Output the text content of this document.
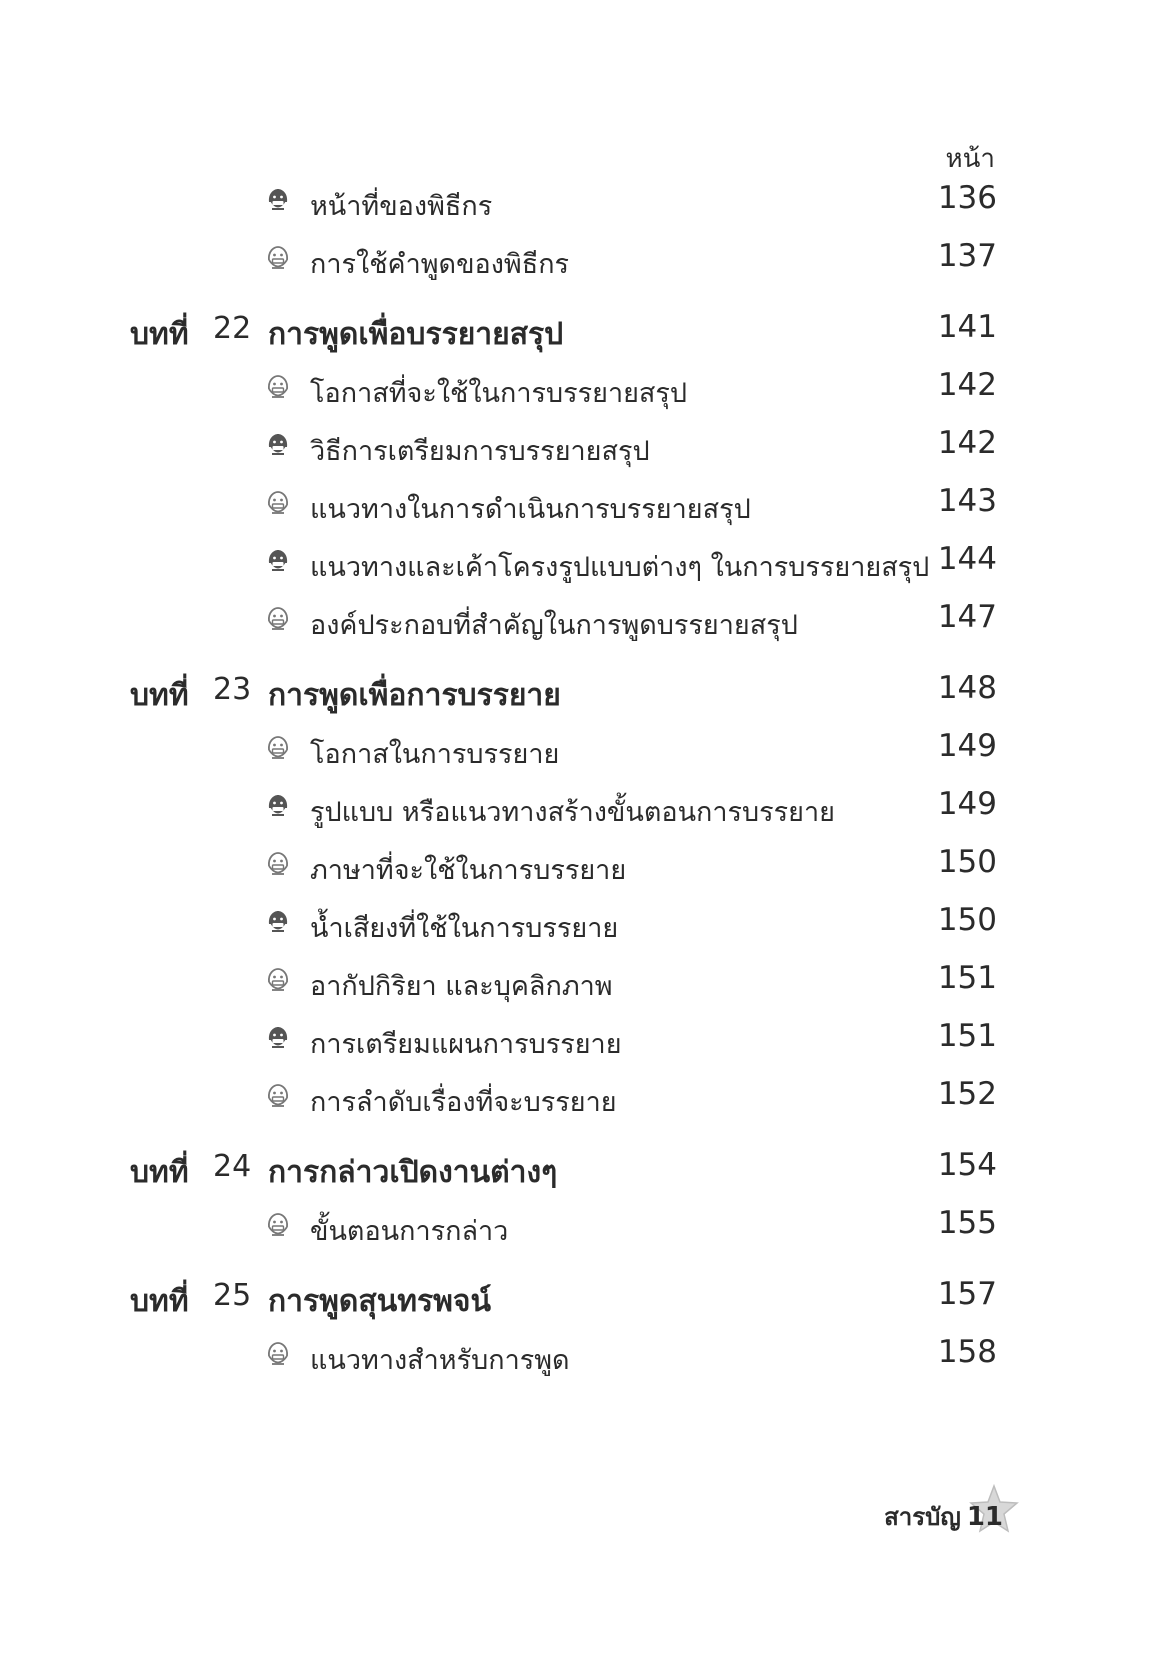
หน้า
หน้าที่ของพิธีกร	136
การใช้คำพูดของพิธีกร	137
บทที่ 22 การพูดเพื่อบรรยายสรุป	141
โอกาสที่จะใช้ในการบรรยายสรุป	142
วิธีการเตรียมการบรรยายสรุป	142
แนวทางในการดำเนินการบรรยายสรุป	143
แนวทางและเค้าโครงรูปแบบต่างๆ ในการบรรยายสรุป 144
องค์ประกอบที่สำคัญในการพูดบรรยายสรุป	147
บทที่ 23 การพูดเพื่อการบรรยาย	148
โอกาสในการบรรยาย	149
รูปแบบ หรือแนวทางสร้างขั้นตอนการบรรยาย	149
ภาษาที่จะใช้ในการบรรยาย	150
น้ำเสียงที่ใช้ในการบรรยาย	150
อากัปกิริยา และบุคลิกภาพ	151
การเตรียมแผนการบรรยาย	151
การลำดับเรื่องที่จะบรรยาย	152
บทที่ 24 การกล่าวเปิดงานต่างๆ	154
ขั้นตอนการกล่าว	155
บทที่ 25 การพูดสุนทรพจน์	157
แนวทางสำหรับการพูด	158
สารบัญ 11
